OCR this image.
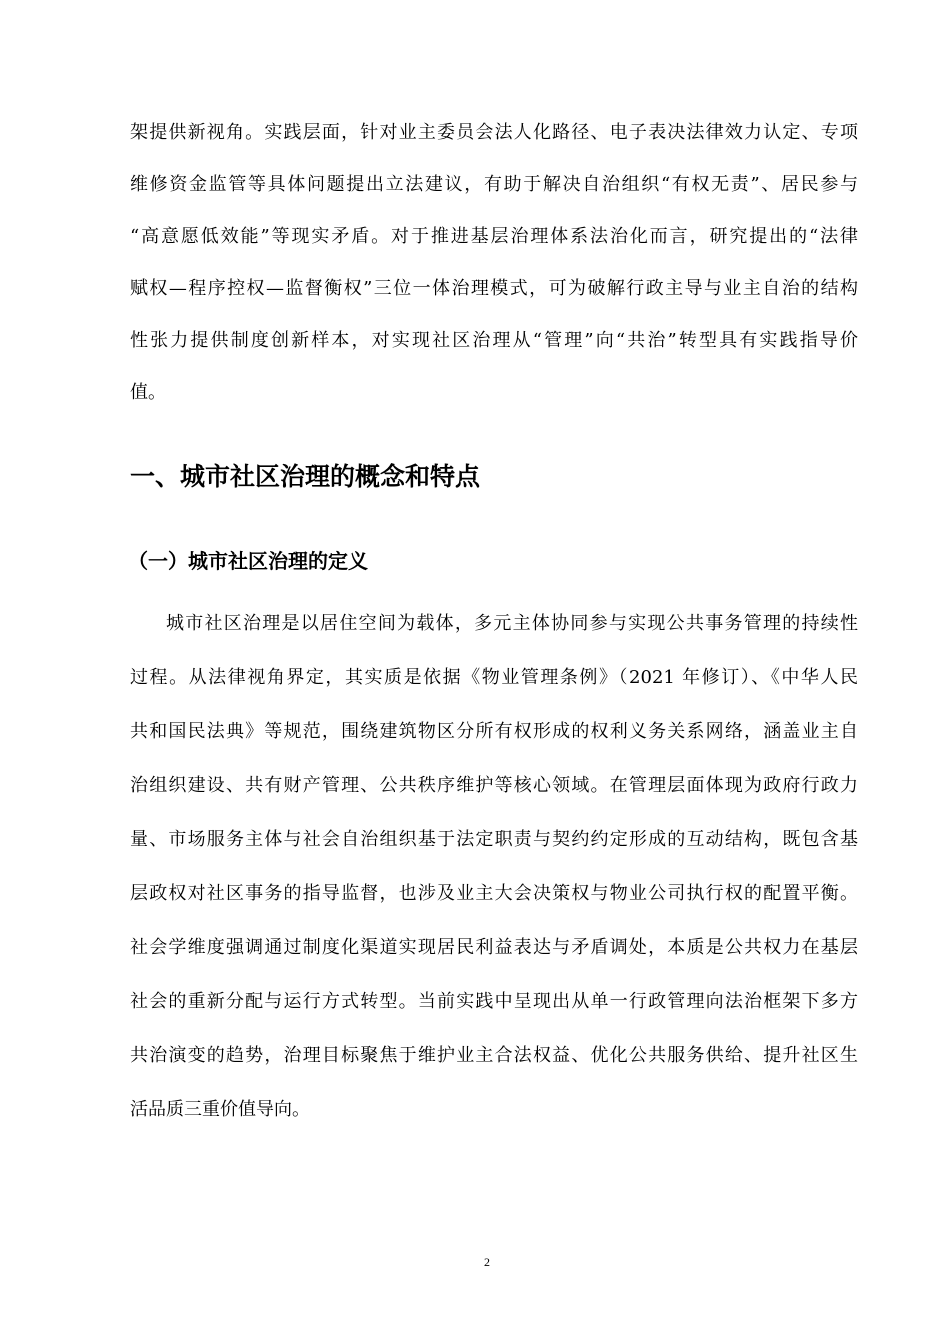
架提供新视角。实践层面，针对业主委员会法人化路径、电子表决法律效力认定、专项
维修资金监管等具体问题提出立法建议，有助于解决自治组织“有权无责”、居民参与
“高意愿低效能”等现实矛盾。对于推进基层治理体系法治化而言，研究提出的“法律
赋权—程序控权—监督衡权”三位一体治理模式，可为破解行政主导与业主自治的结构
性张力提供制度创新样本，对实现社区治理从“管理”向“共治”转型具有实践指导价
值。
一、城市社区治理的概念和特点
（一）城市社区治理的定义
城市社区治理是以居住空间为载体，多元主体协同参与实现公共事务管理的持续性
过程。从法律视角界定，其实质是依据《物业管理条例》（2021 年修订）、《中华人民
共和国民法典》等规范，围绕建筑物区分所有权形成的权利义务关系网络，涵盖业主自
治组织建设、共有财产管理、公共秩序维护等核心领域。在管理层面体现为政府行政力
量、市场服务主体与社会自治组织基于法定职责与契约约定形成的互动结构，既包含基
层政权对社区事务的指导监督，也涉及业主大会决策权与物业公司执行权的配置平衡。
社会学维度强调通过制度化渠道实现居民利益表达与矛盾调处，本质是公共权力在基层
社会的重新分配与运行方式转型。当前实践中呈现出从单一行政管理向法治框架下多方
共治演变的趋势，治理目标聚焦于维护业主合法权益、优化公共服务供给、提升社区生
活品质三重价值导向。
2
